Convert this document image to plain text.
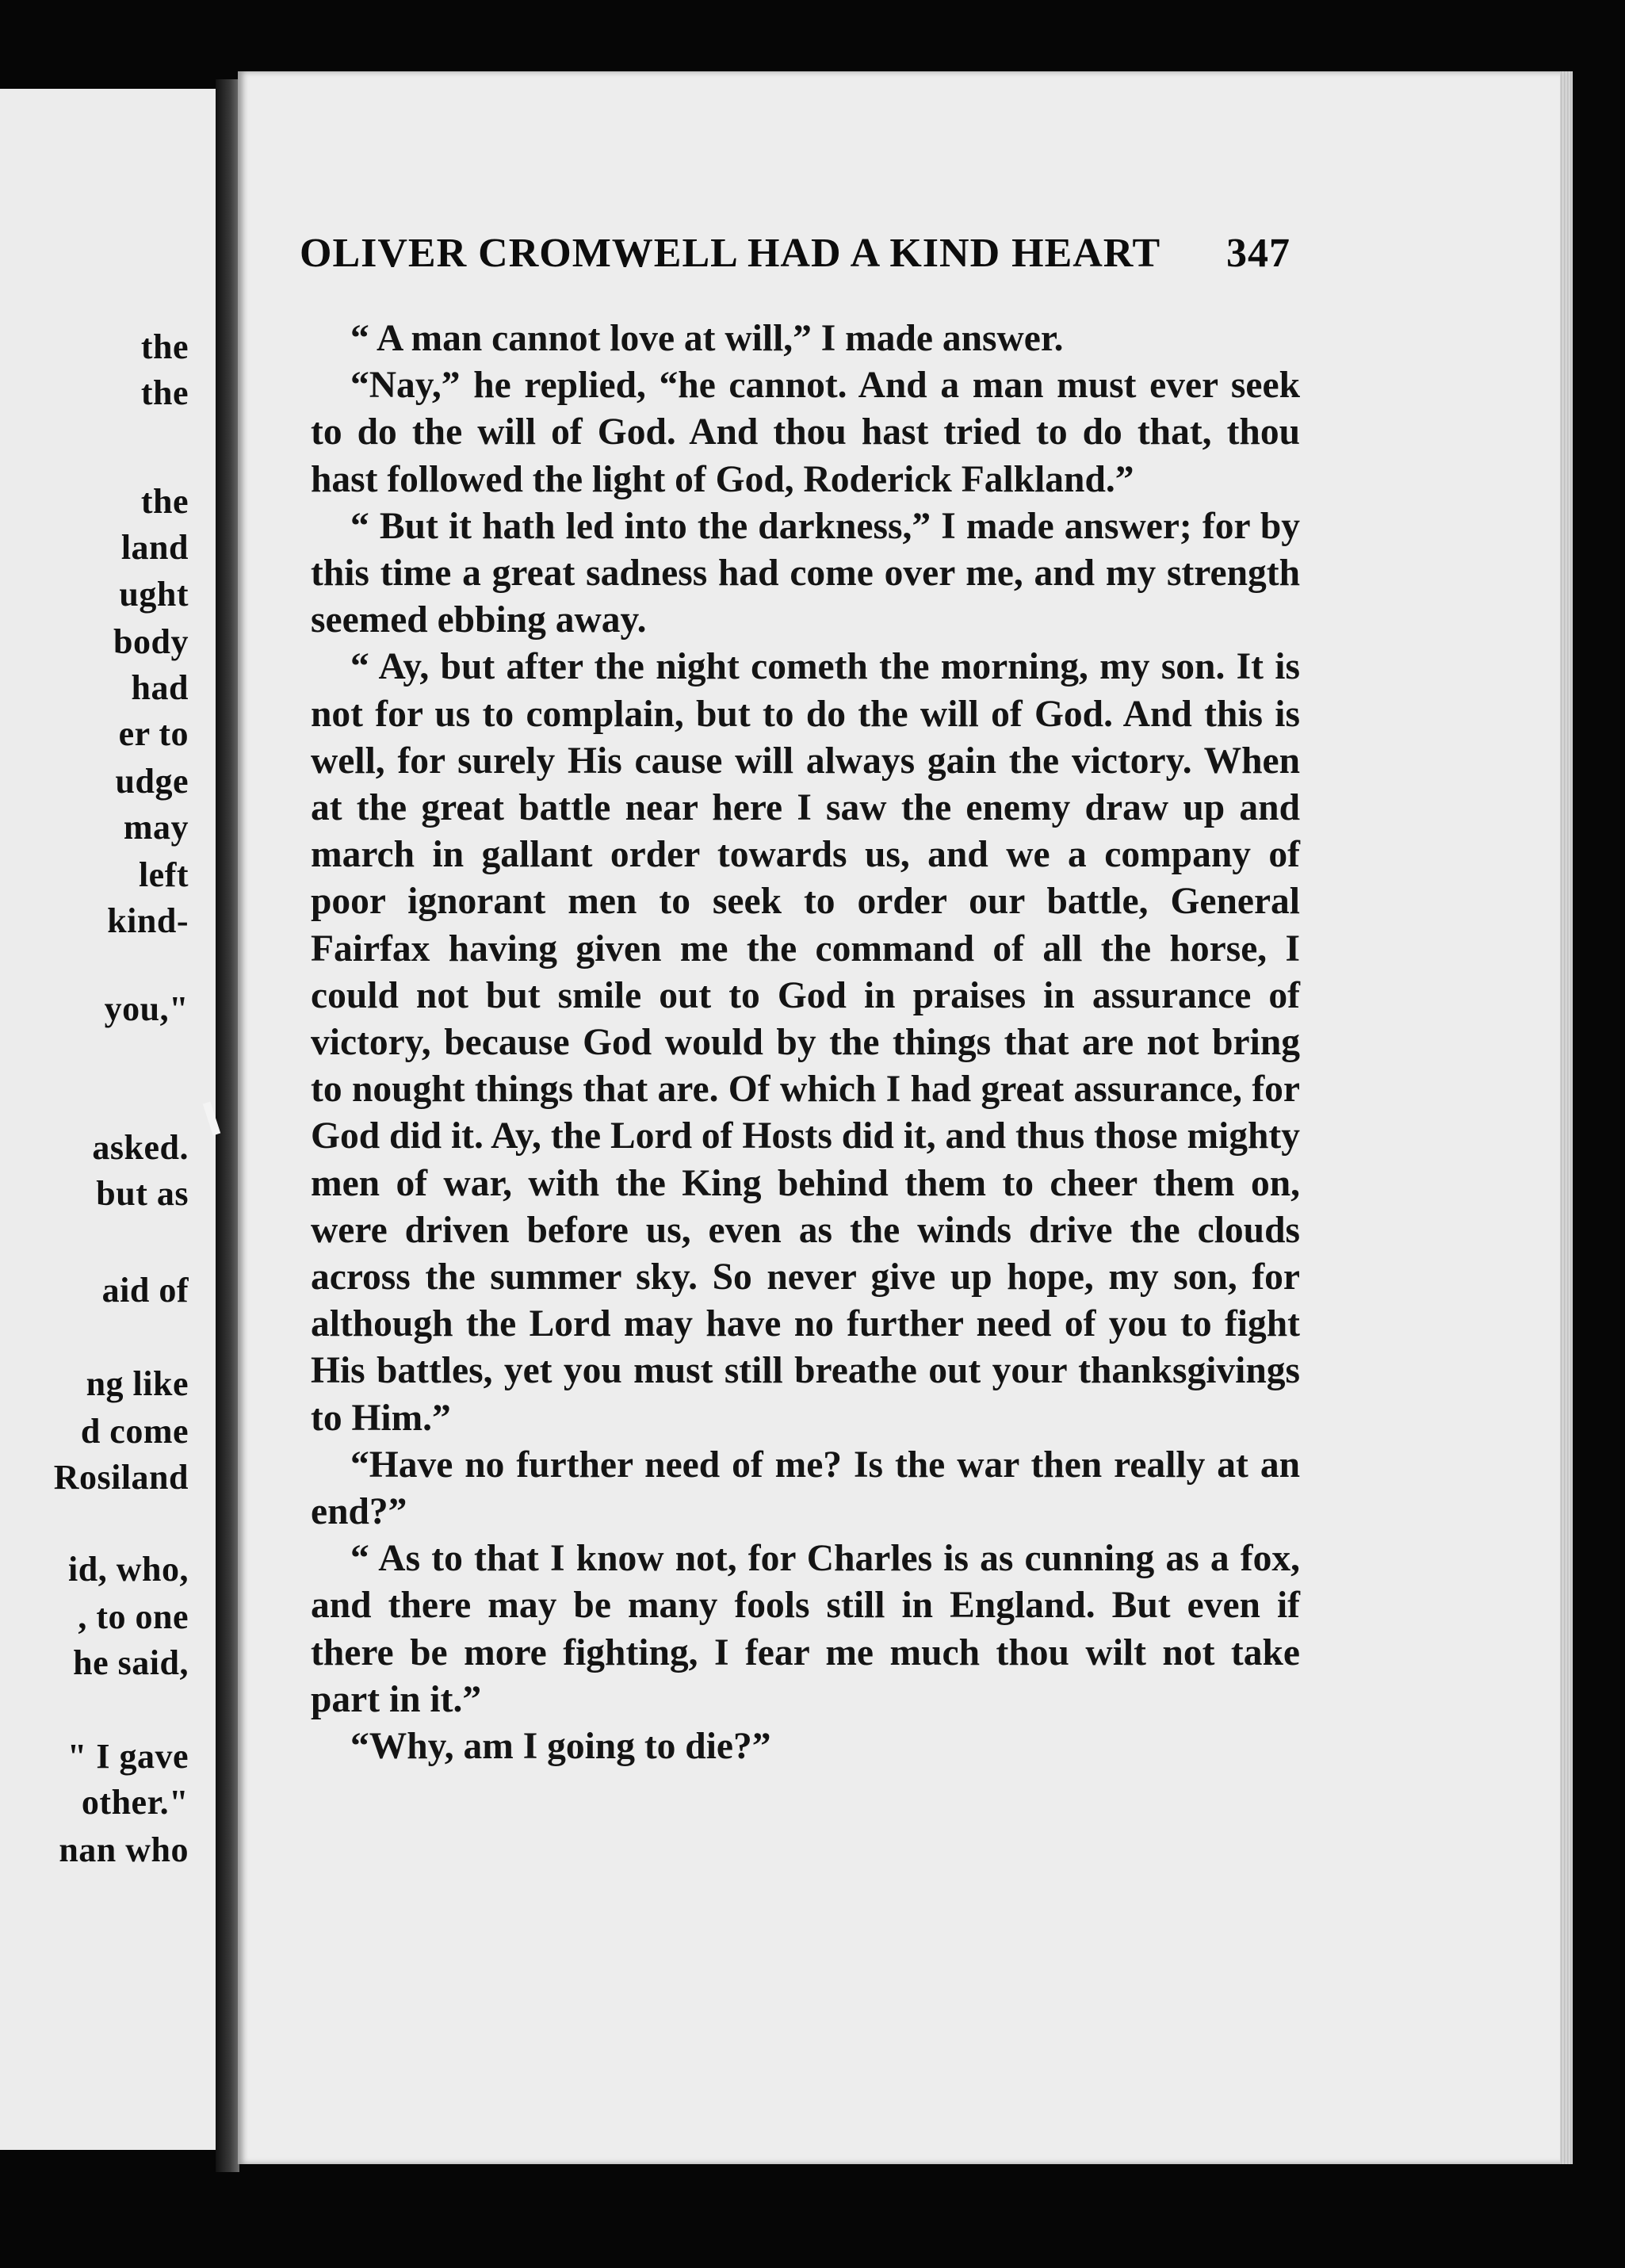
the
the
the
land
ught
body
had
er to
udge
may
left
kind-
you,"
asked.
but as
aid of
ng like
d come
Rosiland
id, who,
, to one
he said,
" I gave
other."
nan who
OLIVER CROMWELL HAD A KIND HEART 347

“ A man cannot love at will,” I made answer.

“Nay,” he replied, “he cannot. And a man must ever seek to do the will of God. And thou hast tried to do that, thou hast followed the light of God, Roderick Falkland.”

“ But it hath led into the darkness,” I made answer; for by this time a great sadness had come over me, and my strength seemed ebbing away.

“ Ay, but after the night cometh the morning, my son. It is not for us to complain, but to do the will of God. And this is well, for surely His cause will always gain the victory. When at the great battle near here I saw the enemy draw up and march in gallant order towards us, and we a company of poor ignorant men to seek to order our battle, General Fairfax having given me the command of all the horse, I could not but smile out to God in praises in assurance of victory, because God would by the things that are not bring to nought things that are. Of which I had great assurance, for God did it. Ay, the Lord of Hosts did it, and thus those mighty men of war, with the King behind them to cheer them on, were driven before us, even as the winds drive the clouds across the summer sky. So never give up hope, my son, for although the Lord may have no further need of you to fight His battles, yet you must still breathe out your thanksgivings to Him.”

“Have no further need of me? Is the war then really at an end?”

“ As to that I know not, for Charles is as cunning as a fox, and there may be many fools still in England. But even if there be more fighting, I fear me much thou wilt not take part in it.”

“Why, am I going to die?”
